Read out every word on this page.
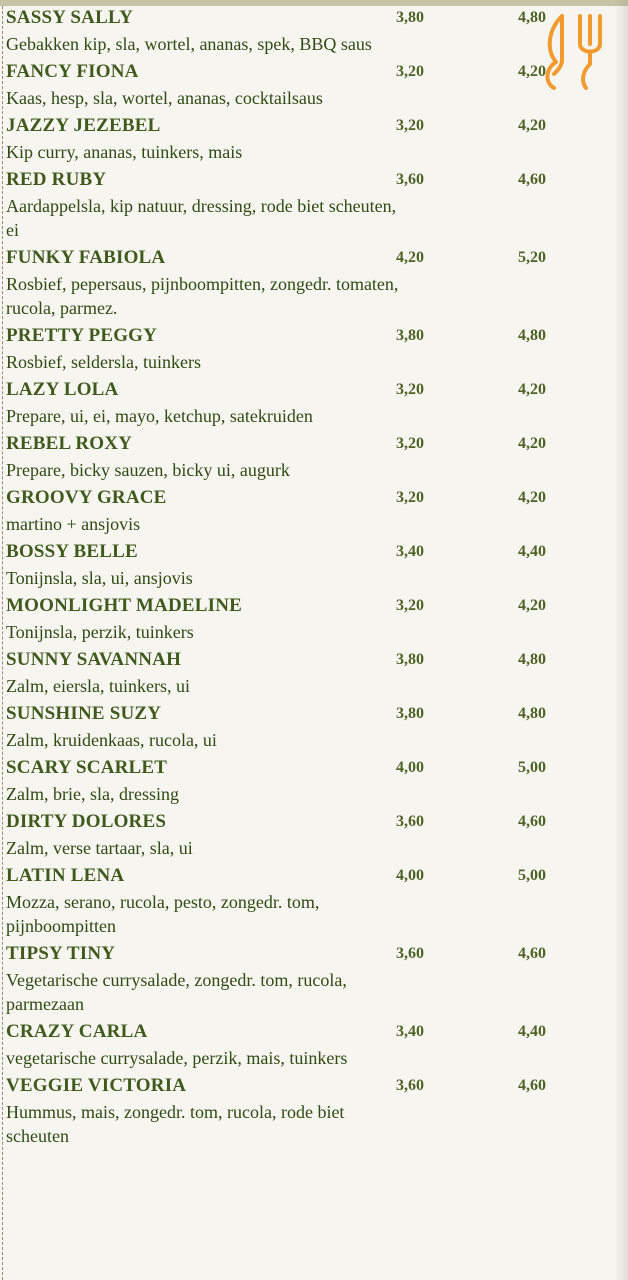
SASSY SALLY	3,80	4,80
Gebakken kip, sla, wortel, ananas, spek, BBQ saus
FANCY FIONA	3,20	4,20
Kaas, hesp, sla, wortel, ananas, cocktailsaus
JAZZY JEZEBEL	3,20	4,20
Kip curry, ananas, tuinkers, mais
RED RUBY	3,60	4,60
Aardappelsla, kip natuur, dressing, rode biet scheuten, ei
FUNKY FABIOLA	4,20	5,20
Rosbief, pepersaus, pijnboompitten, zongedr. tomaten, rucola, parmez.
PRETTY PEGGY	3,80	4,80
Rosbief, seldersla, tuinkers
LAZY LOLA	3,20	4,20
Prepare, ui, ei, mayo, ketchup, satekruiden
REBEL ROXY	3,20	4,20
Prepare, bicky sauzen, bicky ui, augurk
GROOVY GRACE	3,20	4,20
martino + ansjovis
BOSSY BELLE	3,40	4,40
Tonijnsla, sla, ui, ansjovis
MOONLIGHT MADELINE	3,20	4,20
Tonijnsla, perzik, tuinkers
SUNNY SAVANNAH	3,80	4,80
Zalm, eiersla, tuinkers, ui
SUNSHINE SUZY	3,80	4,80
Zalm, kruidenkaas, rucola, ui
SCARY SCARLET	4,00	5,00
Zalm, brie, sla, dressing
DIRTY DOLORES	3,60	4,60
Zalm, verse tartaar, sla, ui
LATIN LENA	4,00	5,00
Mozza, serano, rucola, pesto, zongedr. tom, pijnboompitten
TIPSY TINY	3,60	4,60
Vegetarische currysalade, zongedr. tom, rucola, parmezaan
CRAZY CARLA	3,40	4,40
vegetarische currysalade, perzik, mais, tuinkers
VEGGIE VICTORIA	3,60	4,60
Hummus, mais, zongedr. tom, rucola, rode biet scheuten
